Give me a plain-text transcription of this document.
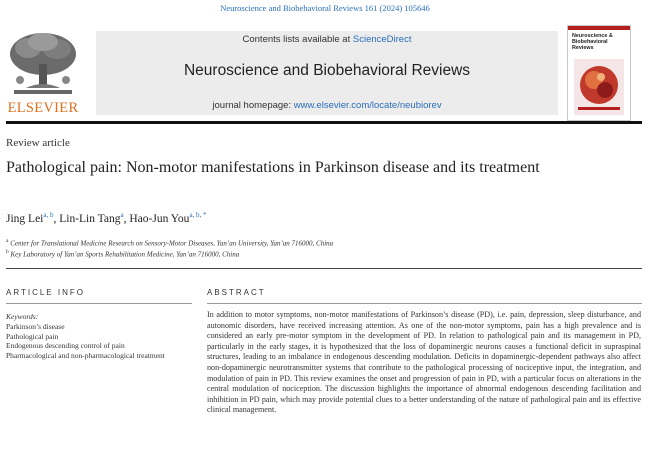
Neuroscience and Biobehavioral Reviews 161 (2024) 105646
ELSEVIER
Contents lists available at ScienceDirect
Neuroscience and Biobehavioral Reviews
journal homepage: www.elsevier.com/locate/neubiorev
Neuroscience & Biobehavioral Reviews
Review article
Pathological pain: Non-motor manifestations in Parkinson disease and its treatment
Jing Lei$^{a, b}$, Lin-Lin Tang$^a$, Hao-Jun You$^{a, b, *}$
$^a$ Center for Translational Medicine Research on Sensory-Motor Diseases, Yan’an University, Yan’an 716000, China
$^b$ Key Laboratory of Yan’an Sports Rehabilitation Medicine, Yan’an 716000, China
ARTICLE INFO
Keywords:
Parkinson’s disease
Pathological pain
Endogenous descending control of pain
Pharmacological and non-pharmacological treatment
ABSTRACT
In addition to motor symptoms, non-motor manifestations of Parkinson’s disease (PD), i.e. pain, depression, sleep disturbance, and autonomic disorders, have received increasing attention. As one of the non-motor symptoms, pain has a high prevalence and is considered an early pre-motor symptom in the development of PD. In relation to pathological pain and its management in PD, particularly in the early stages, it is hypothesized that the loss of dopaminergic neurons causes a functional deficit in supraspinal structures, leading to an imbalance in endogenous descending modulation. Deficits in dopaminergic-dependent pathways also affect non-dopaminergic neurotransmitter systems that contribute to the pathological processing of nociceptive input, the integration, and modulation of pain in PD. This review examines the onset and progression of pain in PD, with a particular focus on alterations in the central modulation of nociception. The discussion highlights the importance of abnormal endogenous descending facilitation and inhibition in PD pain, which may provide potential clues to a better understanding of the nature of pathological pain and its effective clinical management.
